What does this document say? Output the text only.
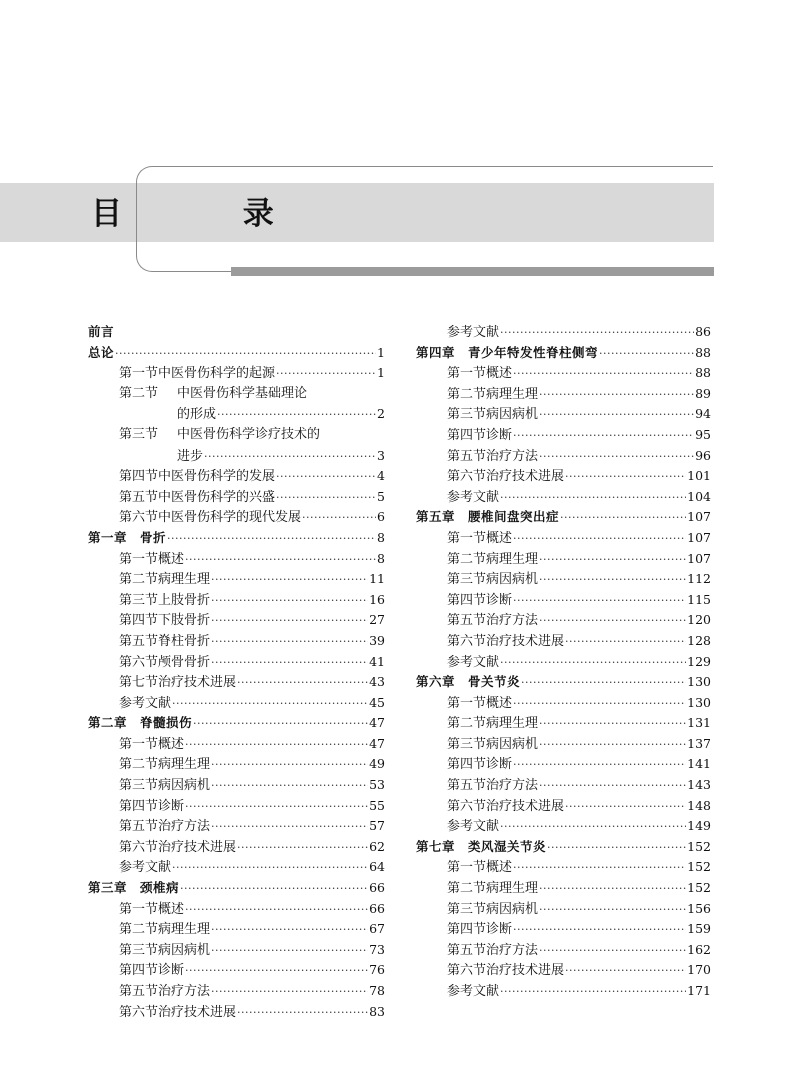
目 录
前言
总论 ·····	1
第一节 中医骨伤科学的起源 ·····	1
第二节	中医骨伤科学基础理论
的形成 ·····	2
第三节	中医骨伤科学诊疗技术的
进步 ·····	3
第四节 中医骨伤科学的发展 ·····	4
第五节 中医骨伤科学的兴盛 ·····	5
第六节 中医骨伤科学的现代发展 ·····	6
第一章　骨折 ·····	8
第一节 概述 ·····	8
第二节 病理生理 ·····	11
第三节 上肢骨折 ·····	16
第四节 下肢骨折 ·····	27
第五节 脊柱骨折 ·····	39
第六节 颅骨骨折 ·····	41
第七节 治疗技术进展 ·····	43
参考文献 ·····	45
第二章　脊髓损伤 ·····	47
第一节 概述 ·····	47
第二节 病理生理 ·····	49
第三节 病因病机 ·····	53
第四节 诊断 ·····	55
第五节 治疗方法 ·····	57
第六节 治疗技术进展 ·····	62
参考文献 ·····	64
第三章　颈椎病 ·····	66
第一节 概述 ·····	66
第二节 病理生理 ·····	67
第三节 病因病机 ·····	73
第四节 诊断 ·····	76
第五节 治疗方法 ·····	78
第六节 治疗技术进展 ·····	83
参考文献 ·····	86
第四章　青少年特发性脊柱侧弯 ·····	88
第一节 概述 ·····	88
第二节 病理生理 ·····	89
第三节 病因病机 ·····	94
第四节 诊断 ·····	95
第五节 治疗方法 ·····	96
第六节 治疗技术进展 ·····	101
参考文献 ·····	104
第五章　腰椎间盘突出症 ·····	107
第一节 概述 ·····	107
第二节 病理生理 ·····	107
第三节 病因病机 ·····	112
第四节 诊断 ·····	115
第五节 治疗方法 ·····	120
第六节 治疗技术进展 ·····	128
参考文献 ·····	129
第六章　骨关节炎 ·····	130
第一节 概述 ·····	130
第二节 病理生理 ·····	131
第三节 病因病机 ·····	137
第四节 诊断 ·····	141
第五节 治疗方法 ·····	143
第六节 治疗技术进展 ·····	148
参考文献 ·····	149
第七章　类风湿关节炎 ·····	152
第一节 概述 ·····	152
第二节 病理生理 ·····	152
第三节 病因病机 ·····	156
第四节 诊断 ·····	159
第五节 治疗方法 ·····	162
第六节 治疗技术进展 ·····	170
参考文献 ·····	171
